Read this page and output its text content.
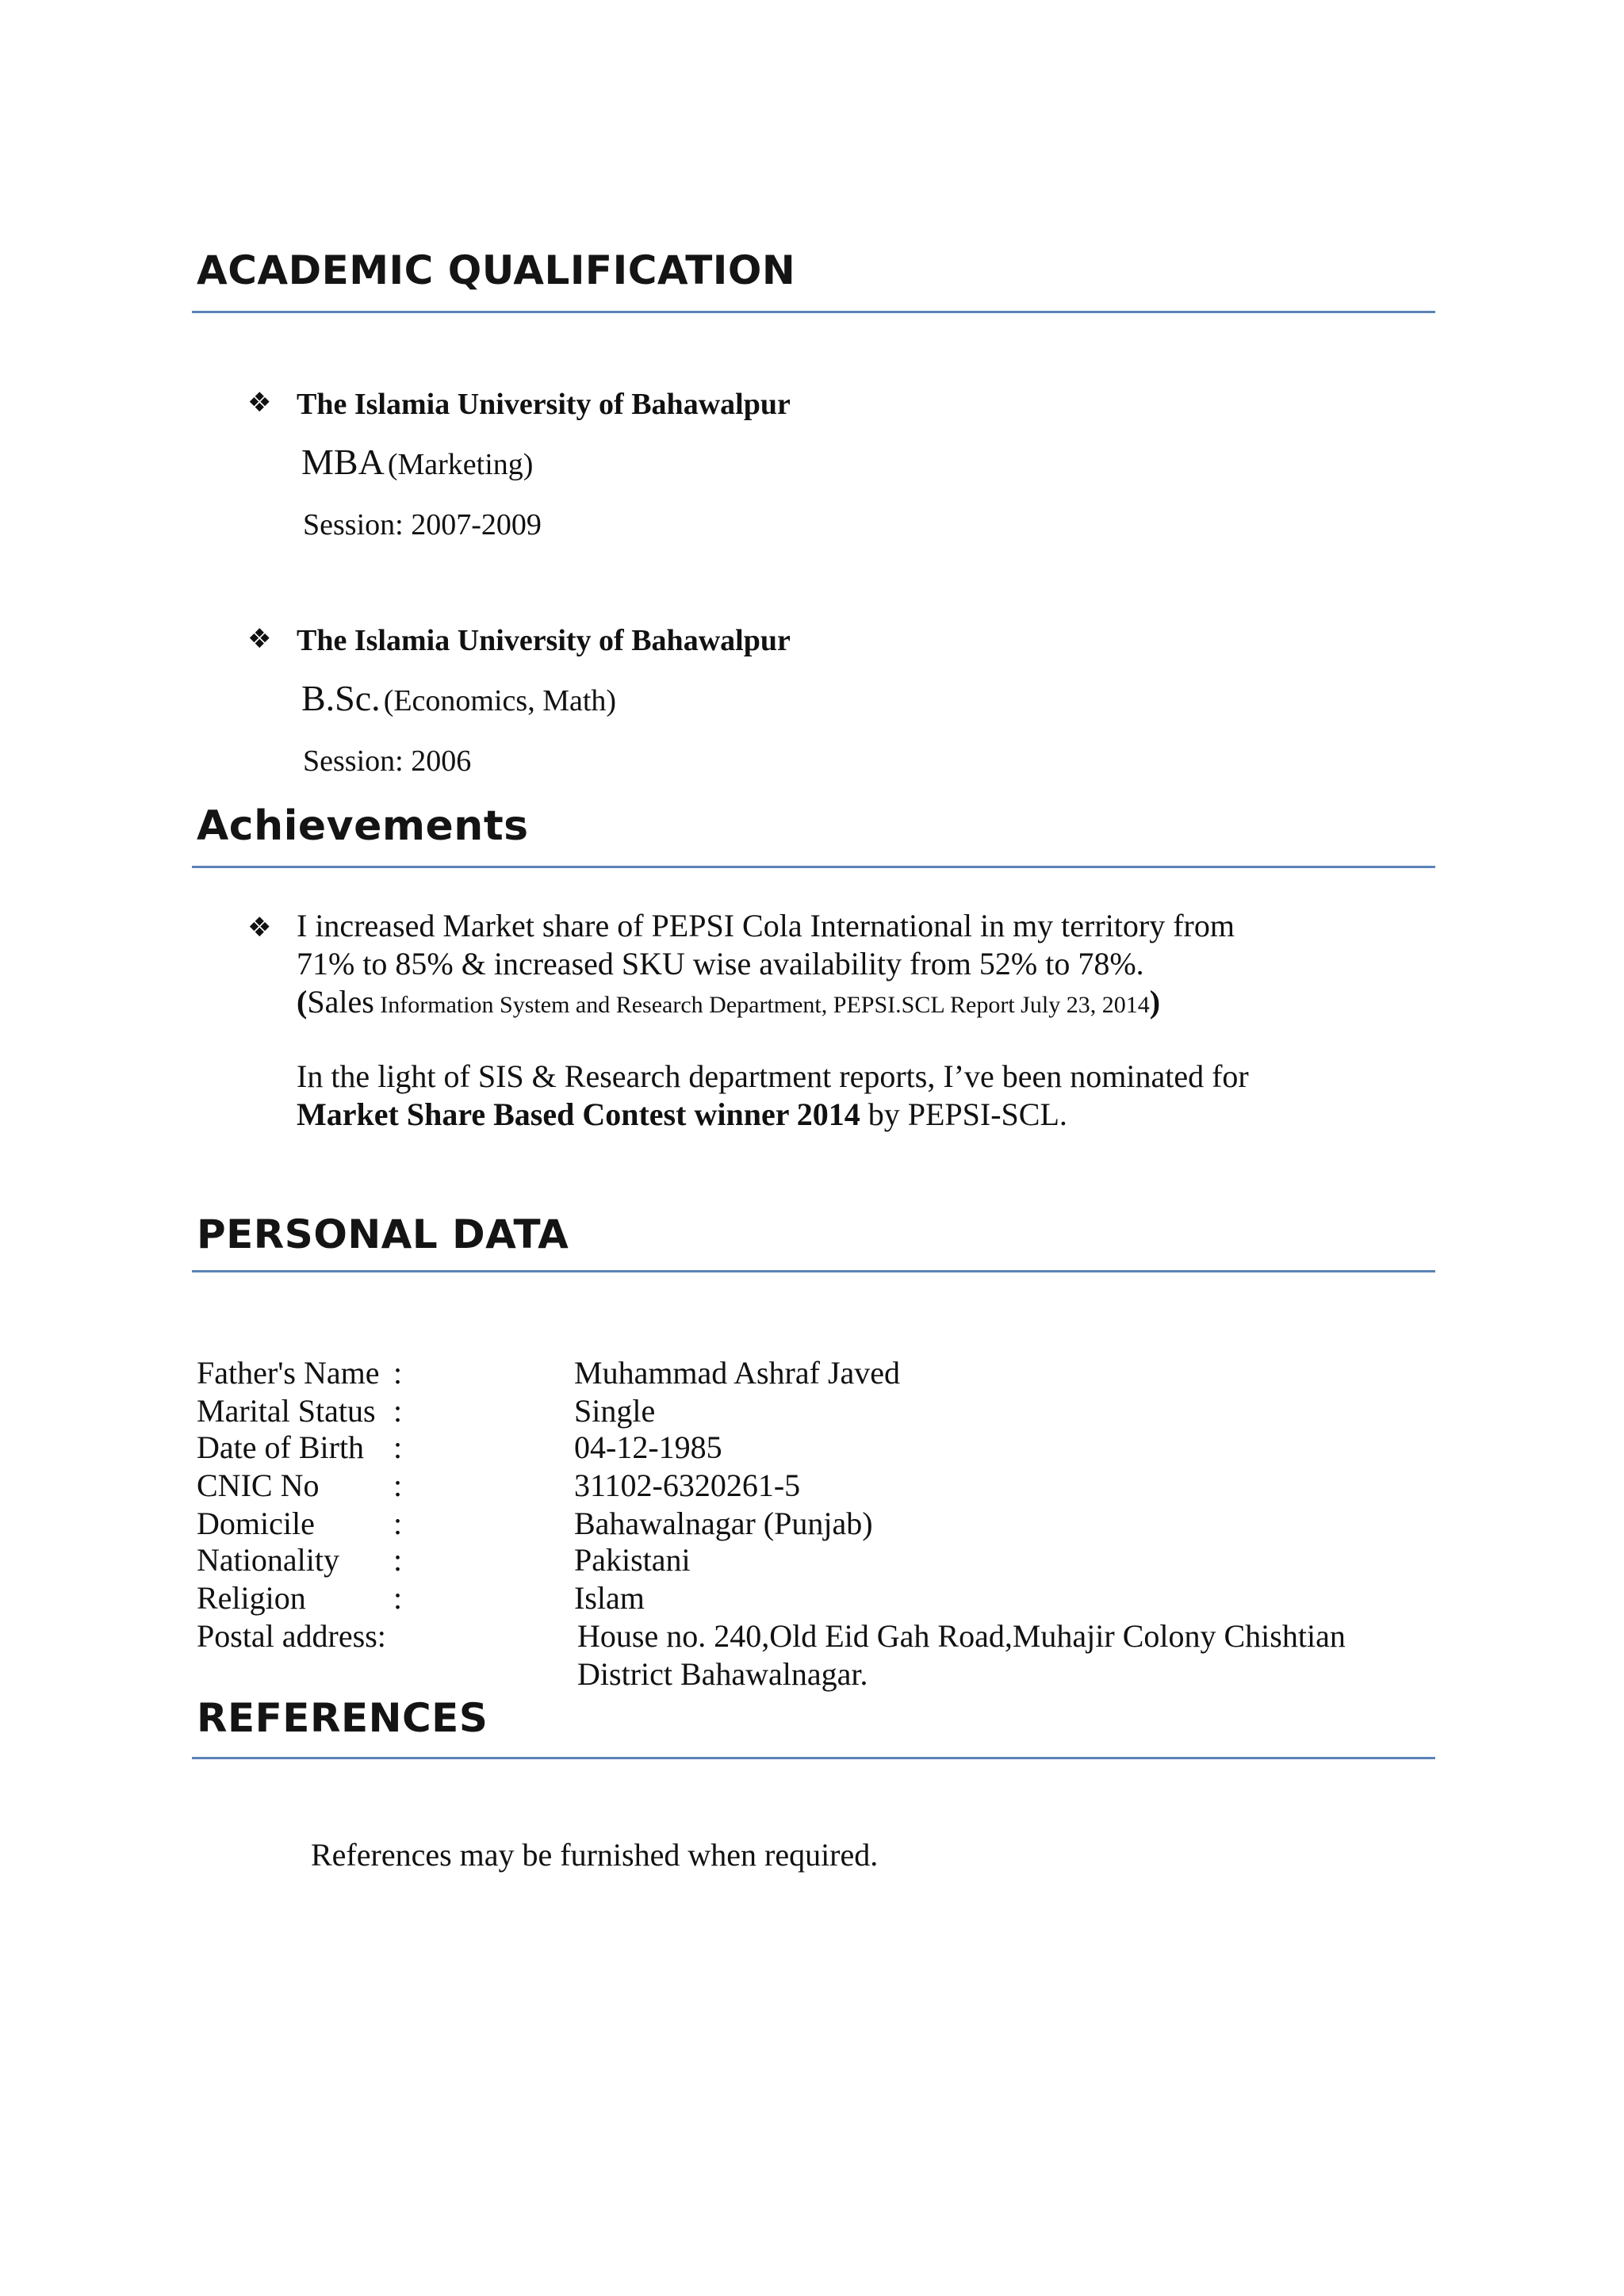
ACADEMIC QUALIFICATION
❖ The Islamia University of Bahawalpur
MBA (Marketing)
Session: 2007-2009
❖ The Islamia University of Bahawalpur
B.Sc. (Economics, Math)
Session: 2006
Achievements
❖ I increased Market share of PEPSI Cola International in my territory from
71% to 85% & increased SKU wise availability from 52% to 78%.
(Sales Information System and Research Department, PEPSI.SCL Report July 23, 2014)
In the light of SIS & Research department reports, I’ve been nominated for
Market Share Based Contest winner 2014 by PEPSI-SCL.
PERSONAL DATA
Father's Name :	Muhammad Ashraf Javed
Marital Status :	Single
Date of Birth :	04-12-1985
CNIC No :	31102-6320261-5
Domicile :	Bahawalnagar (Punjab)
Nationality :	Pakistani
Religion	:	Islam
Postal address:	House no. 240,Old Eid Gah Road,Muhajir Colony Chishtian
District Bahawalnagar.
REFERENCES
References may be furnished when required.
